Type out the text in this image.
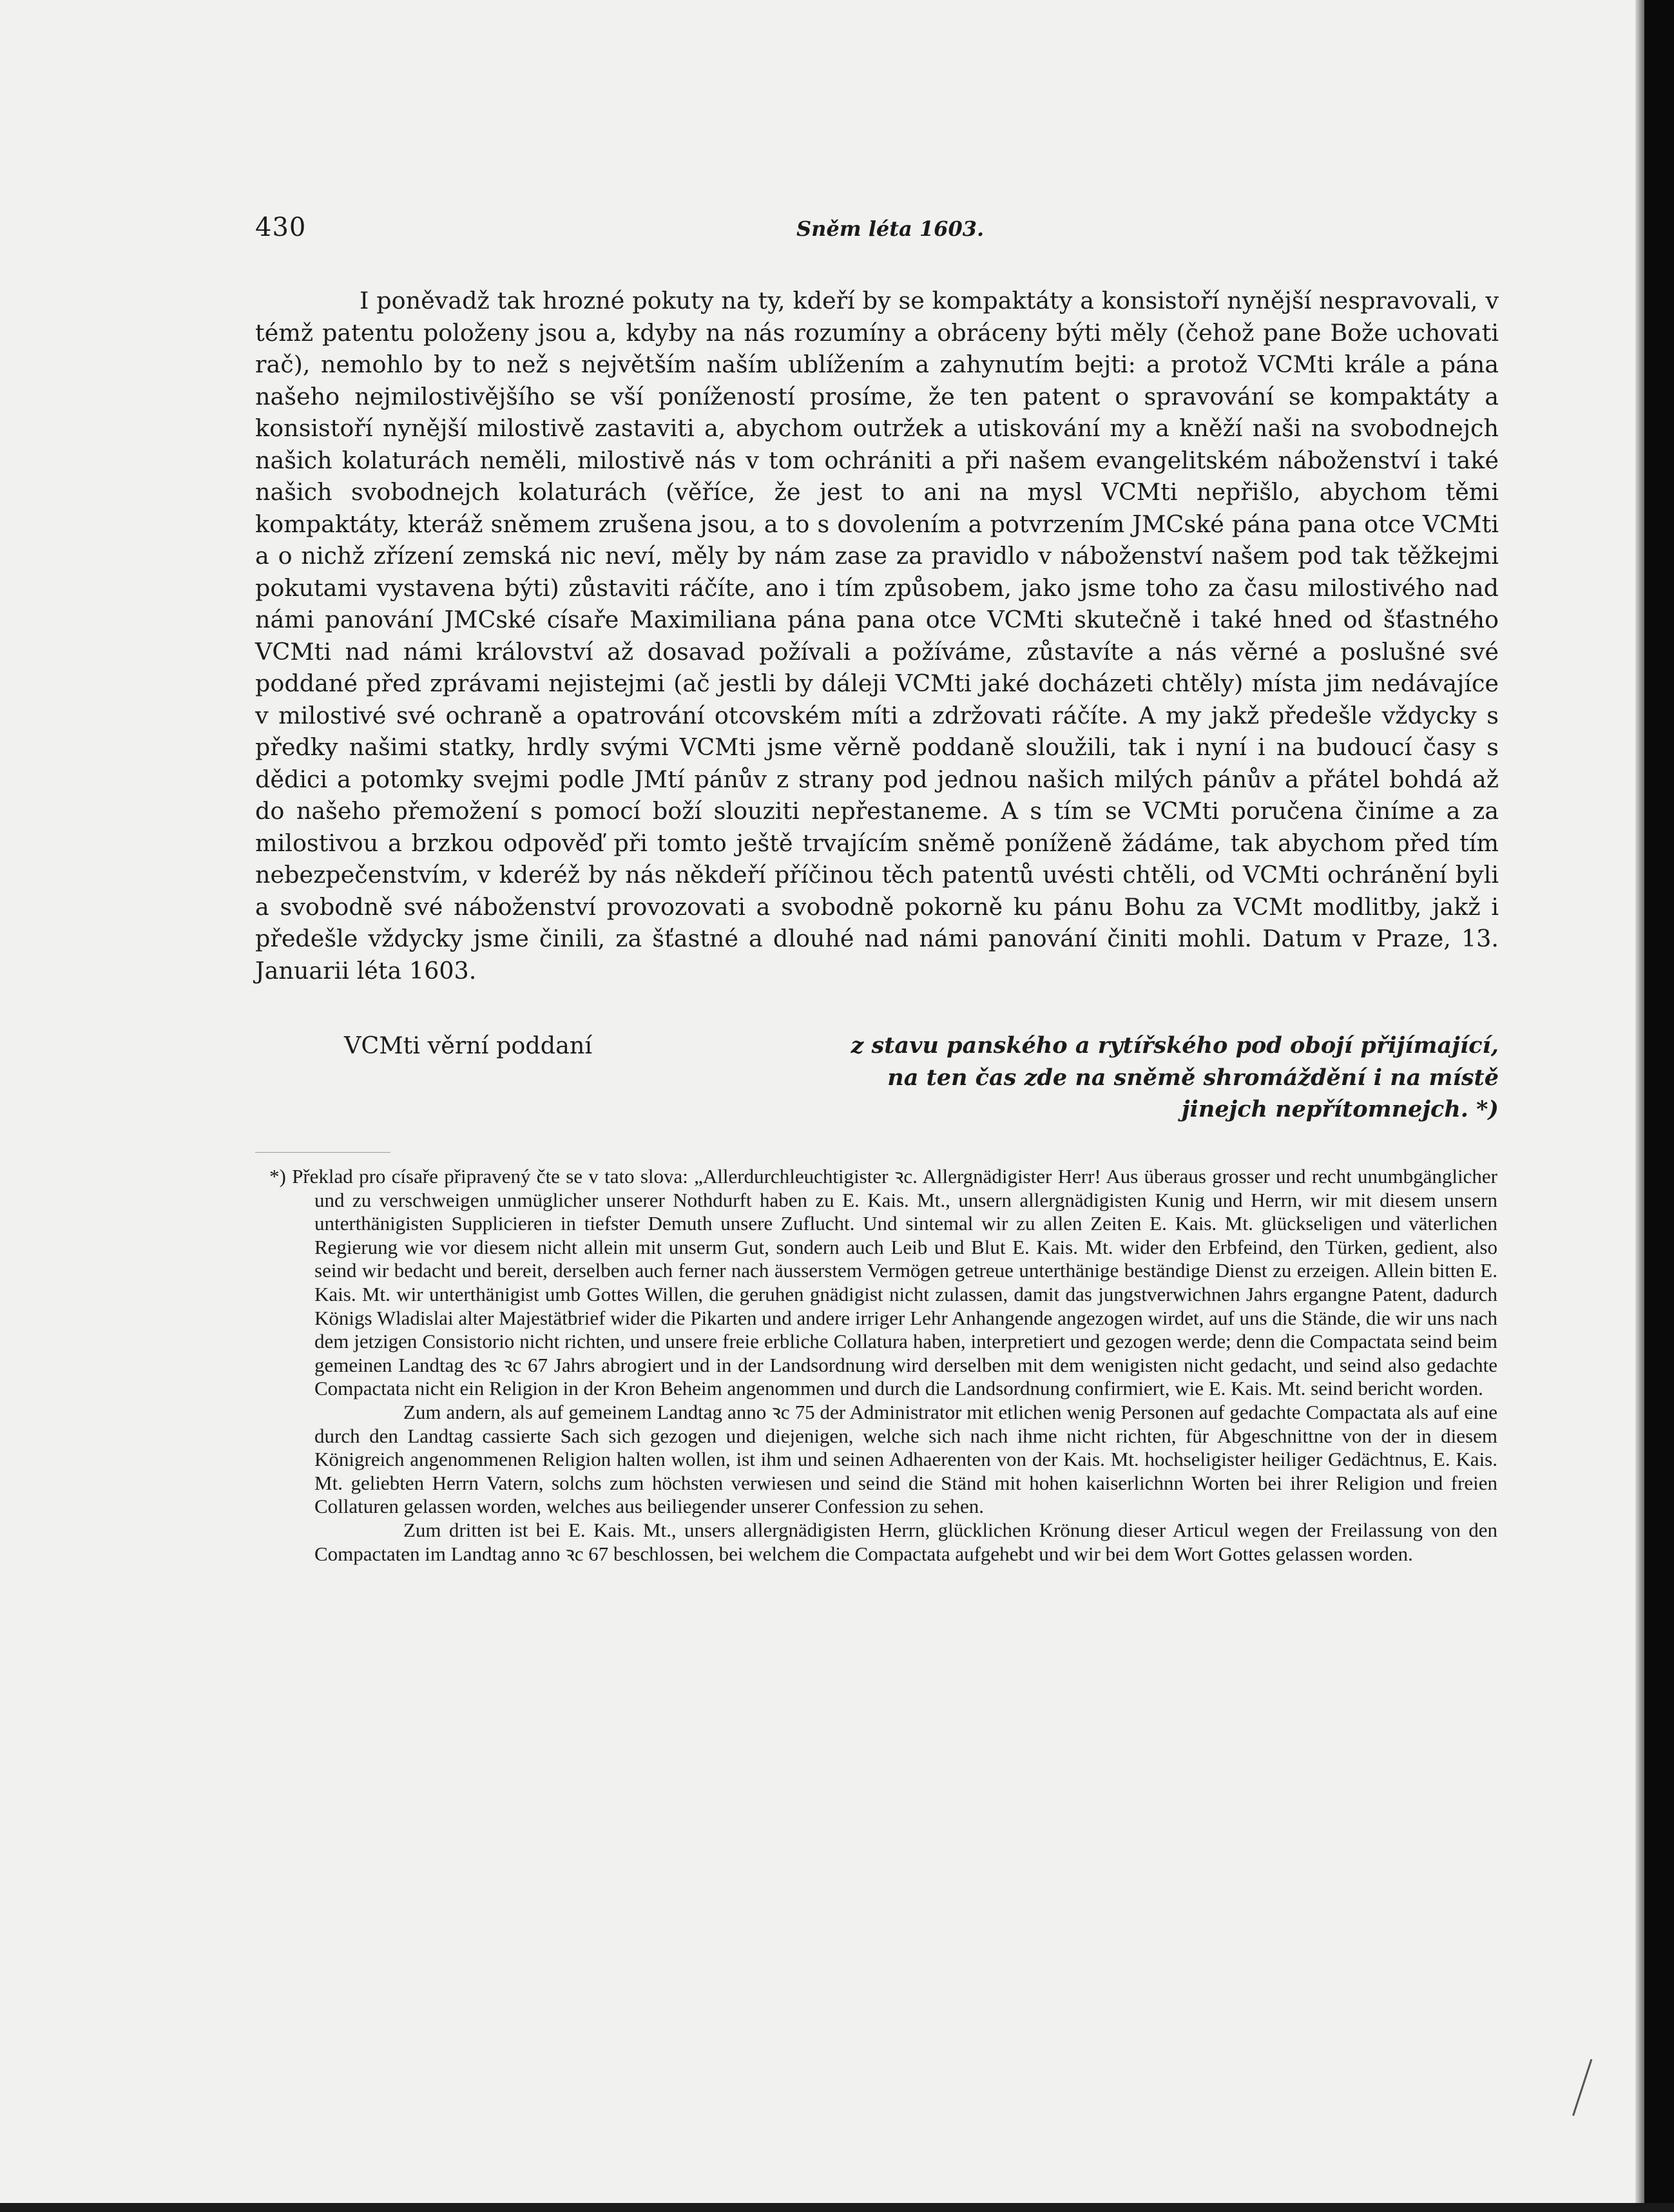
430	Sněm léta 1603.

I poněvadž tak hrozné pokuty na ty, kdeří by se kompaktáty a konsistoří nynější nespravovali, v témž patentu položeny jsou a, kdyby na nás rozumíny a obráceny býti měly (čehož pane Bože uchovati rač), nemohlo by to než s největším naším ublížením a zahynutím bejti: a protož VCMti krále a pána našeho nejmilostivějšího se vší ponížeností prosíme, že ten patent o spravování se kompaktáty a konsistoří nynější milostivě zastaviti a, abychom outržek a utiskování my a kněží naši na svobodnejch našich kolaturách neměli, milostivě nás v tom ochrániti a při našem evangelitském náboženství i také našich svobodnejch kolaturách (věříce, že jest to ani na mysl VCMti nepřišlo, abychom těmi kompaktáty, kteráž sněmem zrušena jsou, a to s dovolením a potvrzením JMCské pána pana otce VCMti a o nichž zřízení zemská nic neví, měly by nám zase za pravidlo v náboženství našem pod tak těžkejmi pokutami vystavena býti) zůstaviti ráčíte, ano i tím způsobem, jako jsme toho za času milostivého nad námi panování JMCské císaře Maximiliana pána pana otce VCMti skutečně i také hned od šťastného VCMti nad námi království až dosavad požívali a požíváme, zůstavíte a nás věrné a poslušné své poddané před zprávami nejistejmi (ač jestli by dáleji VCMti jaké docházeti chtěly) místa jim nedávajíce v milostivé své ochraně a opatrování otcovském míti a zdržovati ráčíte. A my jakž předešle vždycky s předky našimi statky, hrdly svými VCMti jsme věrně poddaně sloužili, tak i nyní i na budoucí časy s dědici a potomky svejmi podle JMtí pánův z strany pod jednou našich milých pánův a přátel bohdá až do našeho přemožení s pomocí boží slouziti nepřestaneme. A s tím se VCMti poručena činíme a za milostivou a brzkou odpověď při tomto ještě trvajícím sněmě poníženě žádáme, tak abychom před tím nebezpečenstvím, v kderéž by nás někdeří příčinou těch patentů uvésti chtěli, od VCMti ochránění byli a svobodně své náboženství provozovati a svobodně pokorně ku pánu Bohu za VCMt modlitby, jakž i předešle vždycky jsme činili, za šťastné a dlouhé nad námi panování činiti mohli. Datum v Praze, 13. Januarii léta 1603.

VCMti věrní poddaní	z stavu panského a rytířského pod obojí přijímající,
na ten čas zde na sněmě shromáždění i na místě
jinejch nepřítomnejch. *)

*) Překlad pro císaře připravený čte se v tato slova: „Allerdurchleuchtigister ꝛc. Allergnädigister Herr! Aus überaus grosser und recht unumbgänglicher und zu verschweigen unmüglicher unserer Nothdurft haben zu E. Kais. Mt., unsern allergnädigisten Kunig und Herrn, wir mit diesem unsern unterthänigisten Supplicieren in tiefster Demuth unsere Zuflucht. Und sintemal wir zu allen Zeiten E. Kais. Mt. glückseligen und väterlichen Regierung wie vor diesem nicht allein mit unserm Gut, sondern auch Leib und Blut E. Kais. Mt. wider den Erbfeind, den Türken, gedient, also seind wir bedacht und bereit, derselben auch ferner nach äusserstem Vermögen getreue unterthänige beständige Dienst zu erzeigen. Allein bitten E. Kais. Mt. wir unterthänigist umb Gottes Willen, die geruhen gnädigist nicht zulassen, damit das jungstverwichnen Jahrs ergangne Patent, dadurch Königs Wladislai alter Majestätbrief wider die Pikarten und andere irriger Lehr Anhangende angezogen wirdet, auf uns die Stände, die wir uns nach dem jetzigen Consistorio nicht richten, und unsere freie erbliche Collatura haben, interpretiert und gezogen werde; denn die Compactata seind beim gemeinen Landtag des ꝛc 67 Jahrs abrogiert und in der Landsordnung wird derselben mit dem wenigisten nicht gedacht, und seind also gedachte Compactata nicht ein Religion in der Kron Beheim angenommen und durch die Landsordnung confirmiert, wie E. Kais. Mt. seind bericht worden.

Zum andern, als auf gemeinem Landtag anno ꝛc 75 der Administrator mit etlichen wenig Personen auf gedachte Compactata als auf eine durch den Landtag cassierte Sach sich gezogen und diejenigen, welche sich nach ihme nicht richten, für Abgeschnittne von der in diesem Königreich angenommenen Religion halten wollen, ist ihm und seinen Adhaerenten von der Kais. Mt. hochseligister heiliger Gedächtnus, E. Kais. Mt. geliebten Herrn Vatern, solchs zum höchsten verwiesen und seind die Ständ mit hohen kaiserlichnn Worten bei ihrer Religion und freien Collaturen gelassen worden, welches aus beiliegender unserer Confession zu sehen.

Zum dritten ist bei E. Kais. Mt., unsers allergnädigisten Herrn, glücklichen Krönung dieser Articul wegen der Freilassung von den Compactaten im Landtag anno ꝛc 67 beschlossen, bei welchem die Compactata aufgehebt und wir bei dem Wort Gottes gelassen worden.
